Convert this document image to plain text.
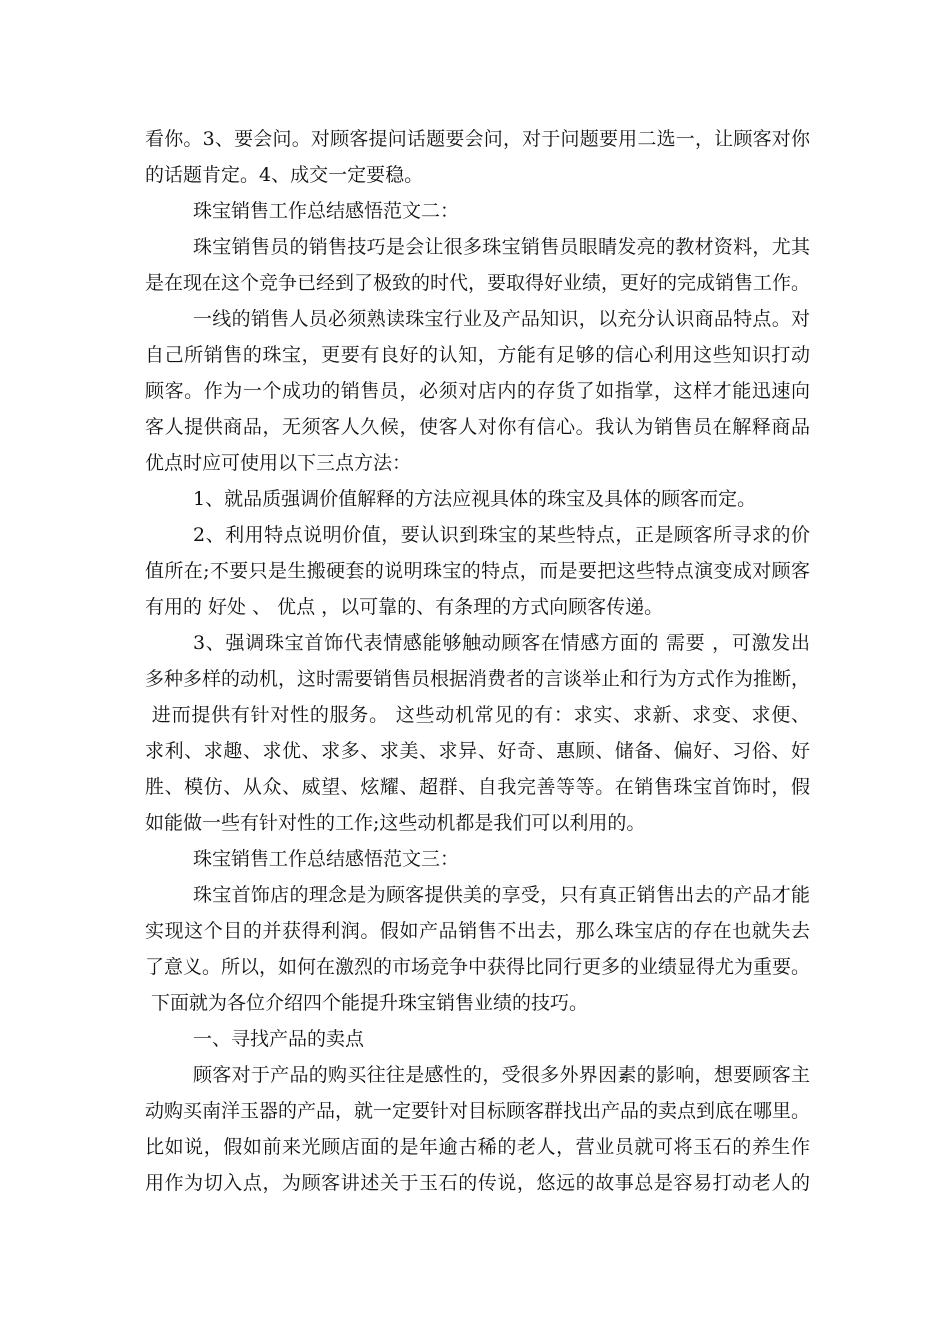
看你。3、要会问。对顾客提问话题要会问，对于问题要用二选一，让顾客对你
的话题肯定。4、成交一定要稳。
珠宝销售工作总结感悟范文二：
珠宝销售员的销售技巧是会让很多珠宝销售员眼睛发亮的教材资料，尤其
是在现在这个竞争已经到了极致的时代，要取得好业绩，更好的完成销售工作。
一线的销售人员必须熟读珠宝行业及产品知识，以充分认识商品特点。对
自己所销售的珠宝，更要有良好的认知，方能有足够的信心利用这些知识打动
顾客。作为一个成功的销售员，必须对店内的存货了如指掌，这样才能迅速向
客人提供商品，无须客人久候，使客人对你有信心。我认为销售员在解释商品
优点时应可使用以下三点方法：
1、就品质强调价值解释的方法应视具体的珠宝及具体的顾客而定。
2、利用特点说明价值，要认识到珠宝的某些特点，正是顾客所寻求的价
值所在;不要只是生搬硬套的说明珠宝的特点，而是要把这些特点演变成对顾客
有用的 好处 、 优点 ，以可靠的、有条理的方式向顾客传递。
3、强调珠宝首饰代表情感能够触动顾客在情感方面的 需要 ，可激发出
多种多样的动机，这时需要销售员根据消费者的言谈举止和行为方式作为推断，
进而提供有针对性的服务。 这些动机常见的有：求实、求新、求变、求便、
求利、求趣、求优、求多、求美、求异、好奇、惠顾、储备、偏好、习俗、好
胜、模仿、从众、威望、炫耀、超群、自我完善等等。在销售珠宝首饰时，假
如能做一些有针对性的工作;这些动机都是我们可以利用的。
珠宝销售工作总结感悟范文三：
珠宝首饰店的理念是为顾客提供美的享受，只有真正销售出去的产品才能
实现这个目的并获得利润。假如产品销售不出去，那么珠宝店的存在也就失去
了意义。所以，如何在激烈的市场竞争中获得比同行更多的业绩显得尤为重要。
下面就为各位介绍四个能提升珠宝销售业绩的技巧。
一、寻找产品的卖点
顾客对于产品的购买往往是感性的，受很多外界因素的影响，想要顾客主
动购买南洋玉器的产品，就一定要针对目标顾客群找出产品的卖点到底在哪里。
比如说，假如前来光顾店面的是年逾古稀的老人，营业员就可将玉石的养生作
用作为切入点，为顾客讲述关于玉石的传说，悠远的故事总是容易打动老人的
